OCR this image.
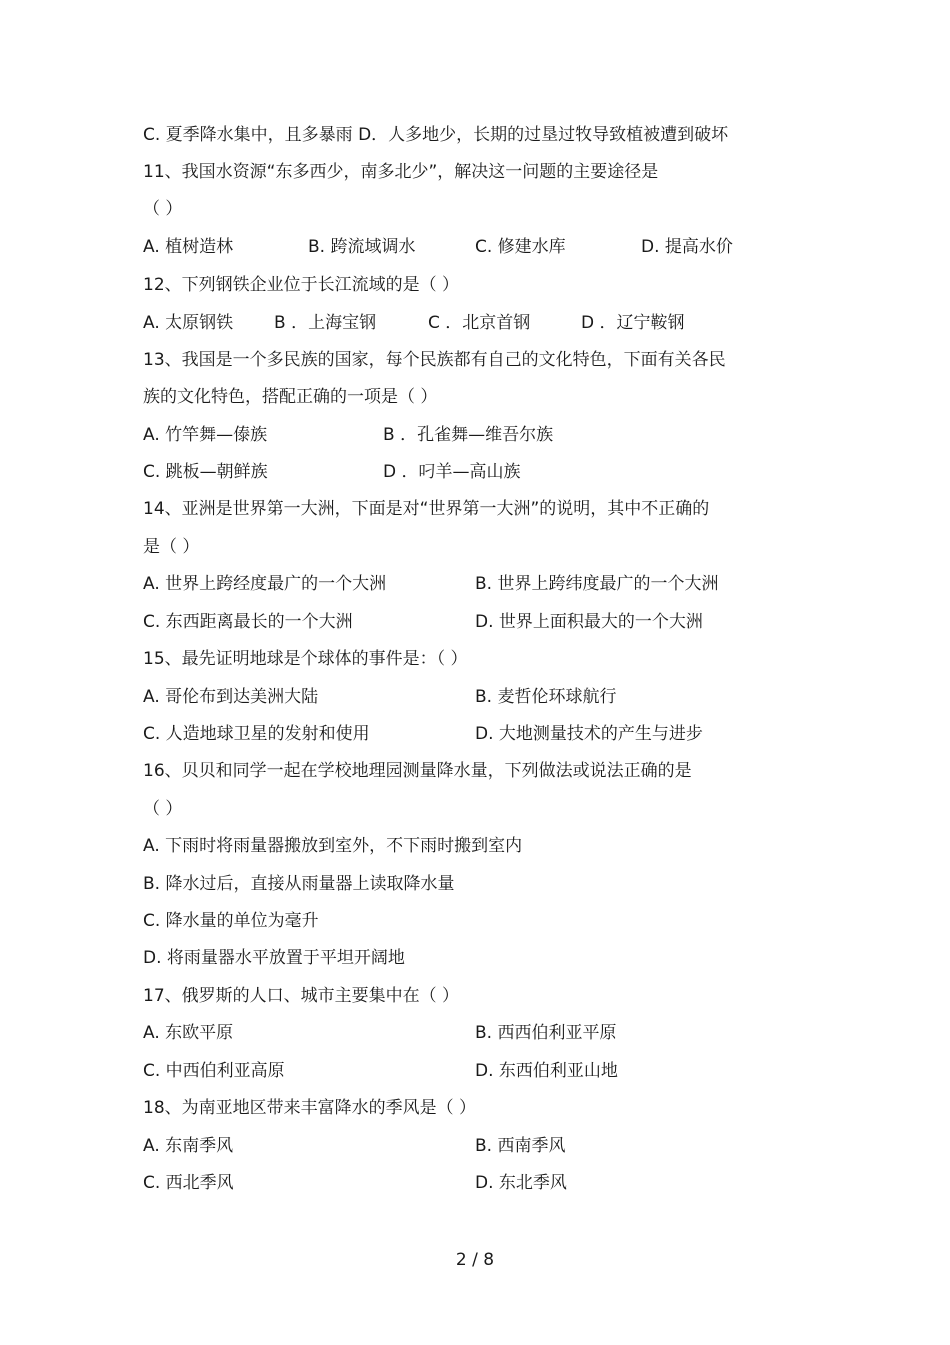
C. 夏季降水集中，且多暴雨 D．人多地少，长期的过垦过牧导致植被遭到破坏
11、我国水资源“东多西少，南多北少”，解决这一问题的主要途径是
（ ）
A. 植树造林	B. 跨流域调水	C. 修建水库	D. 提高水价
12、下列钢铁企业位于长江流域的是（ ）
A. 太原钢铁 B ．上海宝钢	C ．北京首钢	D ．辽宁鞍钢
13、我国是一个多民族的国家，每个民族都有自己的文化特色，下面有关各民
族的文化特色，搭配正确的一项是（ ）
A. 竹竿舞—傣族	B ．孔雀舞—维吾尔族
C. 跳板—朝鲜族	D ．叼羊—高山族
14、亚洲是世界第一大洲，下面是对“世界第一大洲”的说明，其中不正确的
是（ ）
A. 世界上跨经度最广的一个大洲	B. 世界上跨纬度最广的一个大洲
C. 东西距离最长的一个大洲	D. 世界上面积最大的一个大洲
15、最先证明地球是个球体的事件是：（ ）
A. 哥伦布到达美洲大陆	B. 麦哲伦环球航行
C. 人造地球卫星的发射和使用	D. 大地测量技术的产生与进步
16、贝贝和同学一起在学校地理园测量降水量，下列做法或说法正确的是
（ ）
A. 下雨时将雨量器搬放到室外，不下雨时搬到室内
B. 降水过后，直接从雨量器上读取降水量
C. 降水量的单位为毫升
D. 将雨量器水平放置于平坦开阔地
17、俄罗斯的人口、城市主要集中在（ ）
A. 东欧平原	B. 西西伯利亚平原
C. 中西伯利亚高原	D. 东西伯利亚山地
18、为南亚地区带来丰富降水的季风是（ ）
A. 东南季风	B. 西南季风
C. 西北季风	D. 东北季风
2 / 8
